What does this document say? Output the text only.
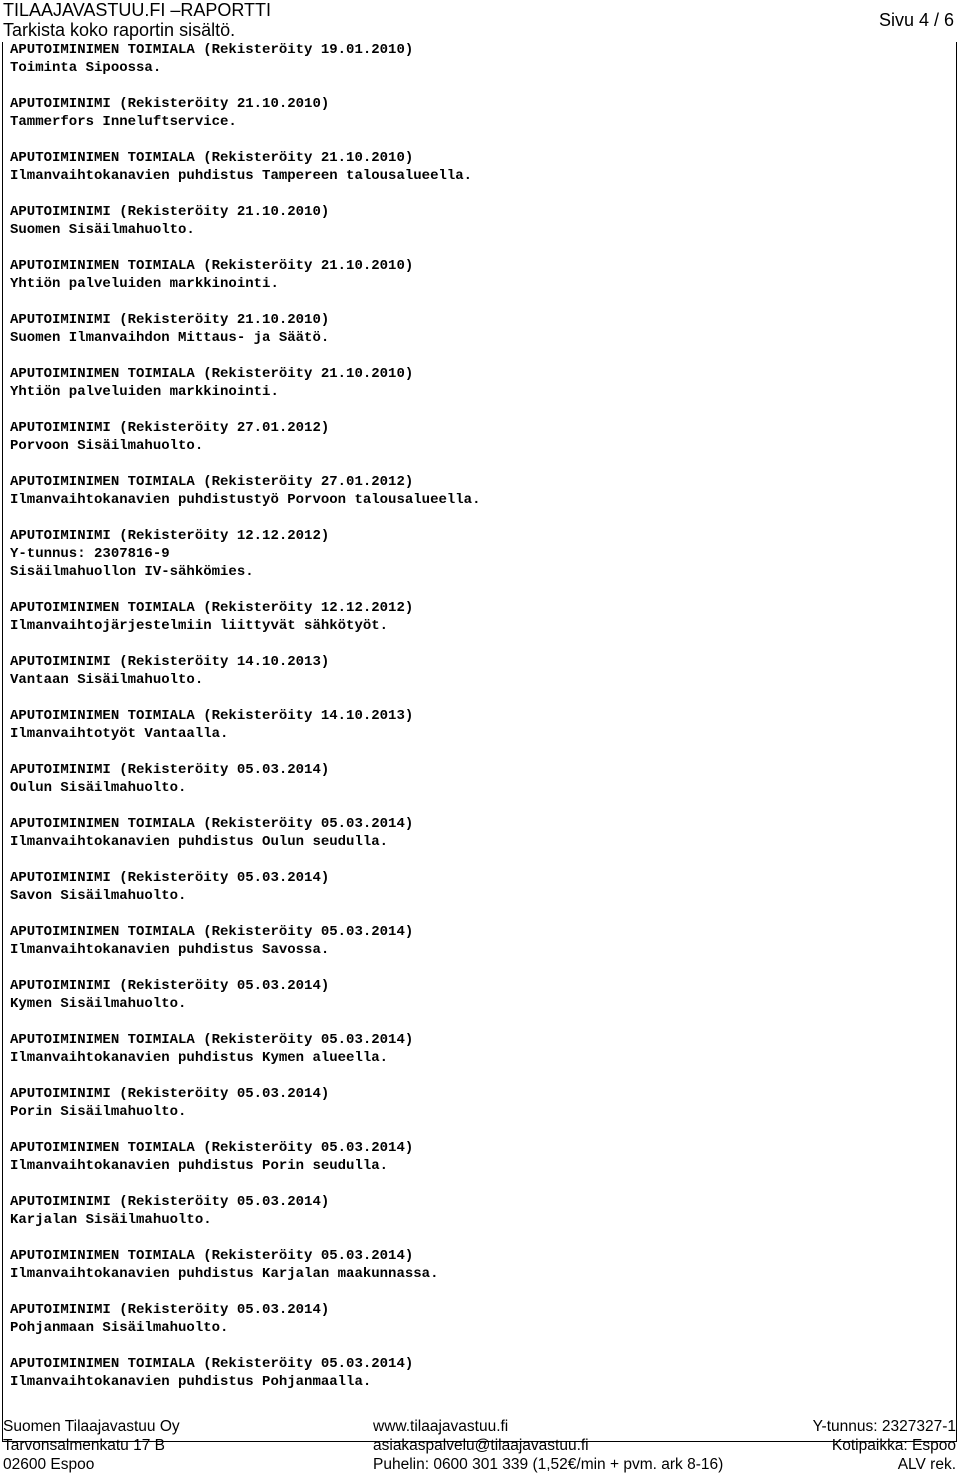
TILAAJAVASTUU.FI –RAPORTTI
Tarkista koko raportin sisältö.	Sivu 4 / 6
APUTOIMINIMEN TOIMIALA (Rekisteröity 19.01.2010)
Toiminta Sipoossa.
APUTOIMINIMI (Rekisteröity 21.10.2010)
Tammerfors Inneluftservice.
APUTOIMINIMEN TOIMIALA (Rekisteröity 21.10.2010)
Ilmanvaihtokanavien puhdistus Tampereen talousalueella.
APUTOIMINIMI (Rekisteröity 21.10.2010)
Suomen Sisäilmahuolto.
APUTOIMINIMEN TOIMIALA (Rekisteröity 21.10.2010)
Yhtiön palveluiden markkinointi.
APUTOIMINIMI (Rekisteröity 21.10.2010)
Suomen Ilmanvaihdon Mittaus- ja Säätö.
APUTOIMINIMEN TOIMIALA (Rekisteröity 21.10.2010)
Yhtiön palveluiden markkinointi.
APUTOIMINIMI (Rekisteröity 27.01.2012)
Porvoon Sisäilmahuolto.
APUTOIMINIMEN TOIMIALA (Rekisteröity 27.01.2012)
Ilmanvaihtokanavien puhdistustyö Porvoon talousalueella.
APUTOIMINIMI (Rekisteröity 12.12.2012)
Y-tunnus: 2307816-9
Sisäilmahuollon IV-sähkömies.
APUTOIMINIMEN TOIMIALA (Rekisteröity 12.12.2012)
Ilmanvaihtojärjestelmiin liittyvät sähkötyöt.
APUTOIMINIMI (Rekisteröity 14.10.2013)
Vantaan Sisäilmahuolto.
APUTOIMINIMEN TOIMIALA (Rekisteröity 14.10.2013)
Ilmanvaihtotyöt Vantaalla.
APUTOIMINIMI (Rekisteröity 05.03.2014)
Oulun Sisäilmahuolto.
APUTOIMINIMEN TOIMIALA (Rekisteröity 05.03.2014)
Ilmanvaihtokanavien puhdistus Oulun seudulla.
APUTOIMINIMI (Rekisteröity 05.03.2014)
Savon Sisäilmahuolto.
APUTOIMINIMEN TOIMIALA (Rekisteröity 05.03.2014)
Ilmanvaihtokanavien puhdistus Savossa.
APUTOIMINIMI (Rekisteröity 05.03.2014)
Kymen Sisäilmahuolto.
APUTOIMINIMEN TOIMIALA (Rekisteröity 05.03.2014)
Ilmanvaihtokanavien puhdistus Kymen alueella.
APUTOIMINIMI (Rekisteröity 05.03.2014)
Porin Sisäilmahuolto.
APUTOIMINIMEN TOIMIALA (Rekisteröity 05.03.2014)
Ilmanvaihtokanavien puhdistus Porin seudulla.
APUTOIMINIMI (Rekisteröity 05.03.2014)
Karjalan Sisäilmahuolto.
APUTOIMINIMEN TOIMIALA (Rekisteröity 05.03.2014)
Ilmanvaihtokanavien puhdistus Karjalan maakunnassa.
APUTOIMINIMI (Rekisteröity 05.03.2014)
Pohjanmaan Sisäilmahuolto.
APUTOIMINIMEN TOIMIALA (Rekisteröity 05.03.2014)
Ilmanvaihtokanavien puhdistus Pohjanmaalla.
Suomen Tilaajavastuu Oy
Tarvonsalmenkatu 17 B
02600 Espoo
www.tilaajavastuu.fi
asiakaspalvelu@tilaajavastuu.fi
Puhelin: 0600 301 339 (1,52€/min + pvm. ark 8-16)
Y-tunnus: 2327327-1
Kotipaikka: Espoo
ALV rek.
